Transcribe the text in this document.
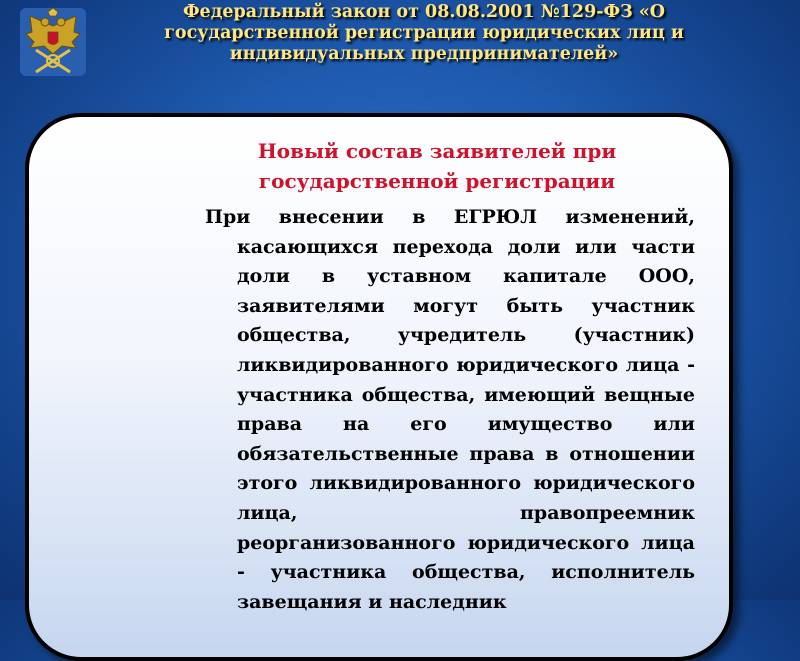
Федеральный закон от 08.08.2001 №129-ФЗ «О государственной регистрации юридических лиц и индивидуальных предпринимателей»
Новый состав заявителей при государственной регистрации
При внесении в ЕГРЮЛ изменений,
касающихся перехода доли или части доли в уставном капитале ООО, заявителями могут быть участник общества, учредитель (участник) ликвидированного юридического лица - участника общества, имеющий вещные права на его имущество или обязательственные права в отношении этого ликвидированного юридического лица, правопреемник реорганизованного юридического лица - участника общества, исполнитель завещания и наследник
